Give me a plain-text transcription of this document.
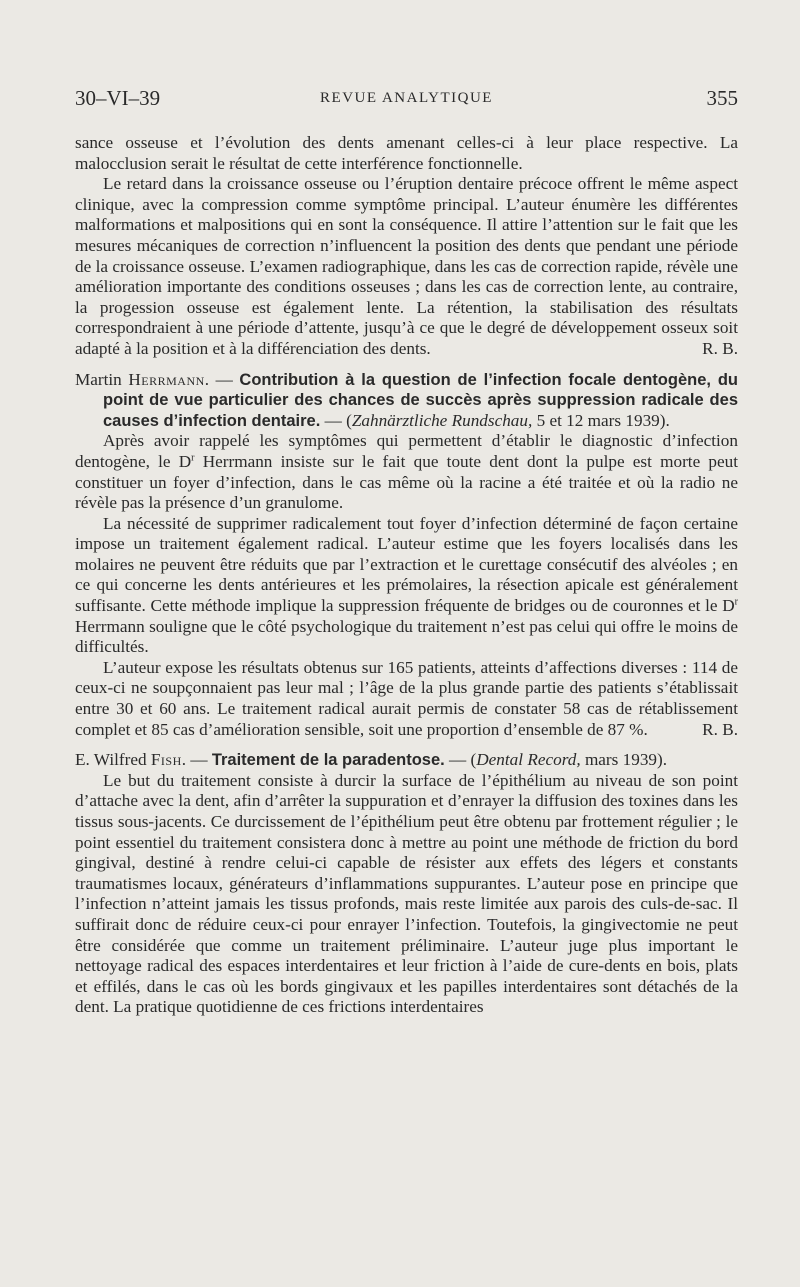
30–VI–39	REVUE ANALYTIQUE	355

sance osseuse et l’évolution des dents amenant celles-ci à leur place respective. La malocclusion serait le résultat de cette interférence fonctionnelle.

Le retard dans la croissance osseuse ou l’éruption dentaire précoce offrent le même aspect clinique, avec la compression comme symptôme principal. L’auteur énumère les différentes malformations et malpositions qui en sont la conséquence. Il attire l’attention sur le fait que les mesures mécaniques de correction n’influencent la position des dents que pendant une période de la croissance osseuse. L’examen radiographique, dans les cas de correction rapide, révèle une amélioration importante des conditions osseuses ; dans les cas de correction lente, au contraire, la progession osseuse est également lente. La rétention, la stabilisation des résultats correspondraient à une période d’attente, jusqu’à ce que le degré de développement osseux soit adapté à la position et à la différenciation des dents.	R. B.

Martin Herrmann. — Contribution à la question de l’infection focale dentogène, du point de vue particulier des chances de succès après suppression radicale des causes d’infection dentaire. — (Zahnärztliche Rundschau, 5 et 12 mars 1939).

Après avoir rappelé les symptômes qui permettent d’établir le diagnostic d’infection dentogène, le $D^r$ Herrmann insiste sur le fait que toute dent dont la pulpe est morte peut constituer un foyer d’infection, dans le cas même où la racine a été traitée et où la radio ne révèle pas la présence d’un granulome.

La nécessité de supprimer radicalement tout foyer d’infection déterminé de façon certaine impose un traitement également radical. L’auteur estime que les foyers localisés dans les molaires ne peuvent être réduits que par l’extraction et le curettage consécutif des alvéoles ; en ce qui concerne les dents antérieures et les prémolaires, la résection apicale est généralement suffisante. Cette méthode implique la suppression fréquente de bridges ou de couronnes et le $D^r$ Herrmann souligne que le côté psychologique du traitement n’est pas celui qui offre le moins de difficultés.

L’auteur expose les résultats obtenus sur 165 patients, atteints d’affections diverses : 114 de ceux-ci ne soupçonnaient pas leur mal ; l’âge de la plus grande partie des patients s’établissait entre 30 et 60 ans. Le traitement radical aurait permis de constater 58 cas de rétablissement complet et 85 cas d’amélioration sensible, soit une proportion d’ensemble de 87 %.	R. B.

E. Wilfred Fish. — Traitement de la paradentose. — (Dental Record, mars 1939).

Le but du traitement consiste à durcir la surface de l’épithélium au niveau de son point d’attache avec la dent, afin d’arrêter la suppuration et d’enrayer la diffusion des toxines dans les tissus sous-jacents. Ce durcissement de l’épithélium peut être obtenu par frottement régulier ; le point essentiel du traitement consistera donc à mettre au point une méthode de friction du bord gingival, destiné à rendre celui-ci capable de résister aux effets des légers et constants traumatismes locaux, générateurs d’inflammations suppurantes. L’auteur pose en principe que l’infection n’atteint jamais les tissus profonds, mais reste limitée aux parois des culs-de-sac. Il suffirait donc de réduire ceux-ci pour enrayer l’infection. Toutefois, la gingivectomie ne peut être considérée que comme un traitement préliminaire. L’auteur juge plus important le nettoyage radical des espaces interdentaires et leur friction à l’aide de cure-dents en bois, plats et effilés, dans le cas où les bords gingivaux et les papilles interdentaires sont détachés de la dent. La pratique quotidienne de ces frictions interdentaires
